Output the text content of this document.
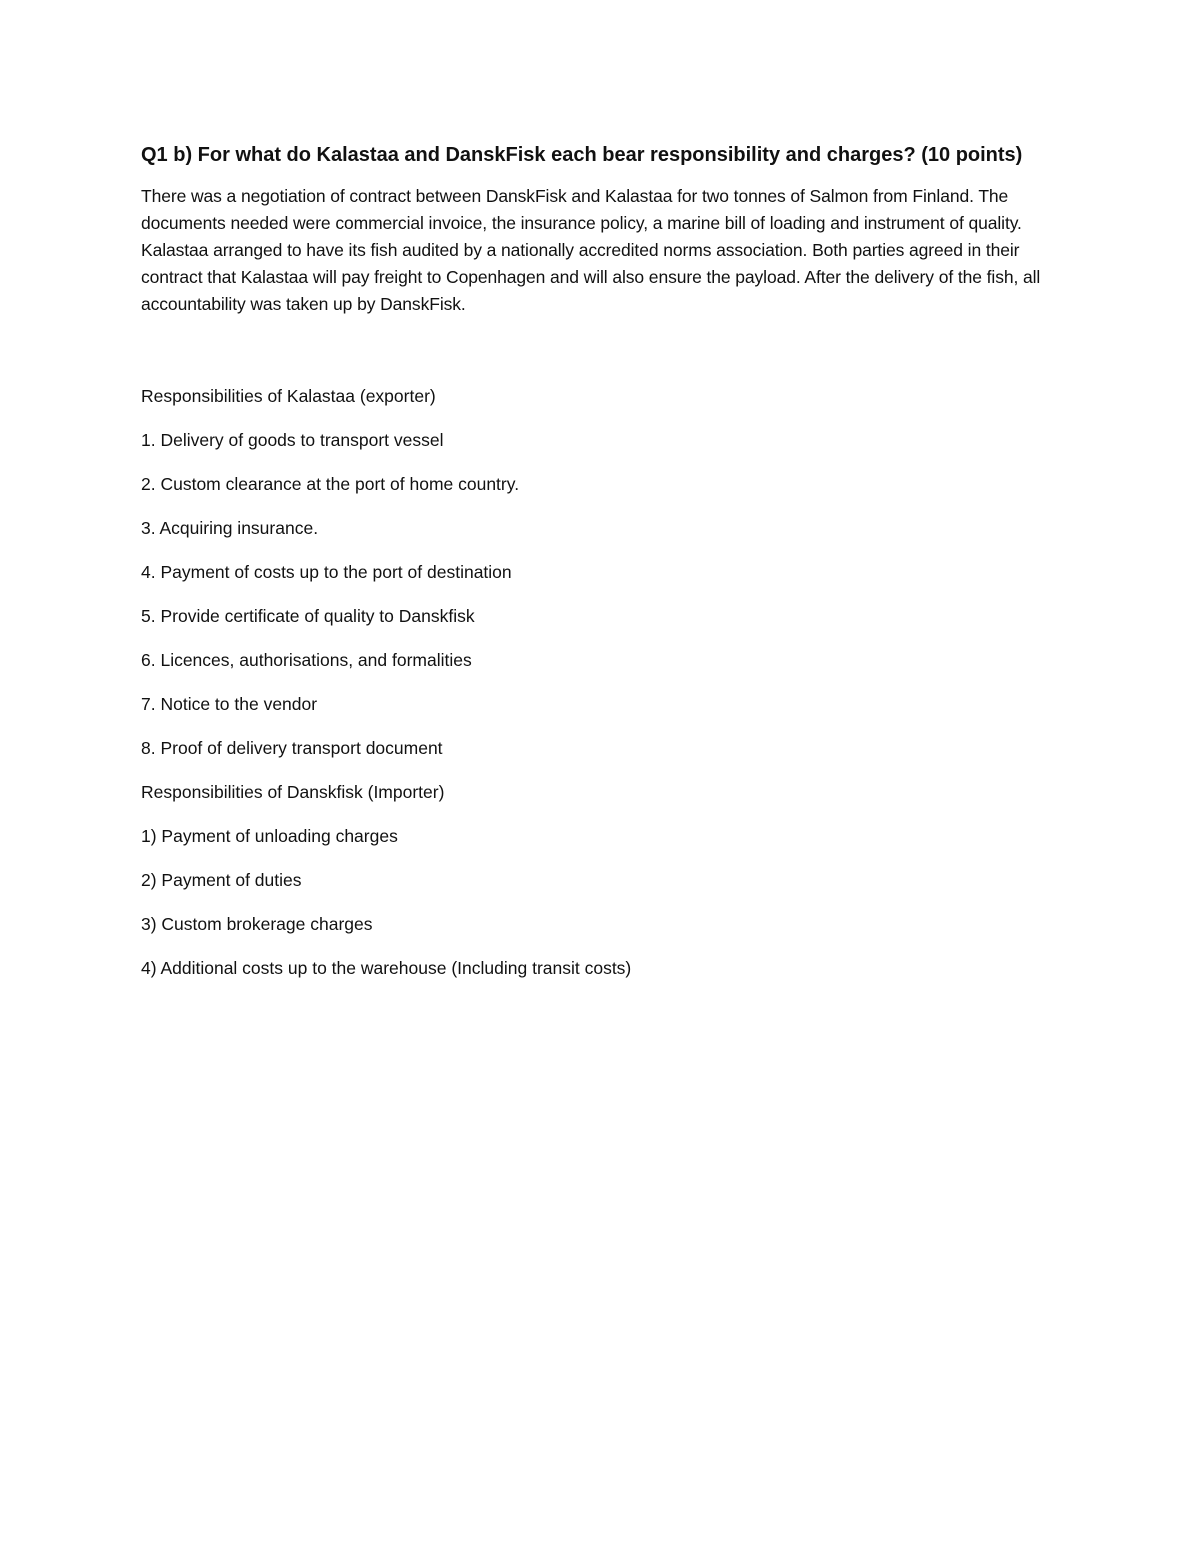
Q1 b) For what do Kalastaa and DanskFisk each bear responsibility and charges? (10 points)

There was a negotiation of contract between DanskFisk and Kalastaa for two tonnes of Salmon from Finland. The documents needed were commercial invoice, the insurance policy, a marine bill of loading and instrument of quality. Kalastaa arranged to have its fish audited by a nationally accredited norms association. Both parties agreed in their contract that Kalastaa will pay freight to Copenhagen and will also ensure the payload. After the delivery of the fish, all accountability was taken up by DanskFisk.

Responsibilities of Kalastaa (exporter)

1. Delivery of goods to transport vessel
2. Custom clearance at the port of home country.
3. Acquiring insurance.
4. Payment of costs up to the port of destination
5. Provide certificate of quality to Danskfisk
6. Licences, authorisations, and formalities
7. Notice to the vendor
8. Proof of delivery transport document

Responsibilities of Danskfisk (Importer)

1) Payment of unloading charges
2) Payment of duties
3) Custom brokerage charges
4) Additional costs up to the warehouse (Including transit costs)
